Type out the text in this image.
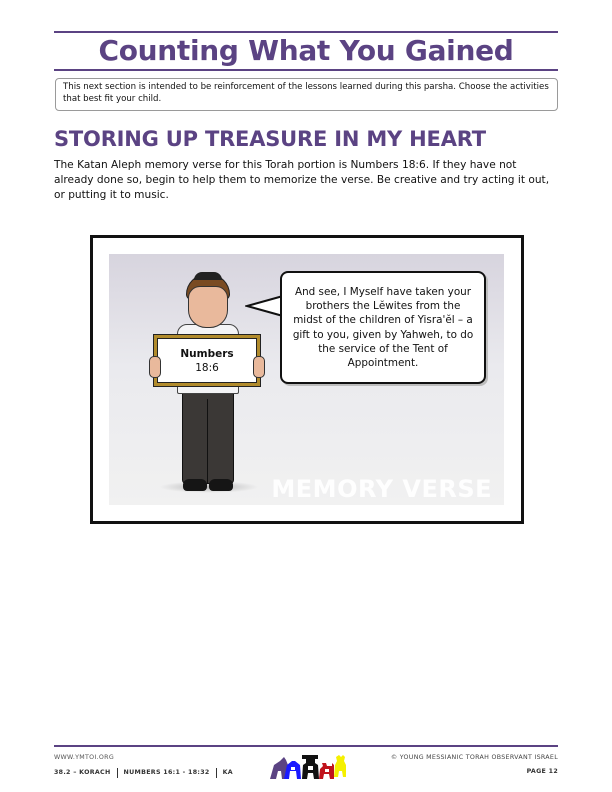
Counting What You Gained
This next section is intended to be reinforcement of the lessons learned during this parsha. Choose the activities that best fit your child.
STORING UP TREASURE IN MY HEART
The Katan Aleph memory verse for this Torah portion is Numbers 18:6. If they have not already done so, begin to help them to memorize the verse. Be creative and try acting it out, or putting it to music.
MEMORY VERSE
Numbers
18:6
And see, I Myself have taken your brothers the Lĕwites from the midst of the children of Yisra'ĕl – a gift to you, given by Yahweh, to do the service of the Tent of Appointment.
WWW.YMTOI.ORG
38.2 – KORACH NUMBERS 16:1 - 18:32 KA
© YOUNG MESSIANIC TORAH OBSERVANT ISRAEL
PAGE 12
